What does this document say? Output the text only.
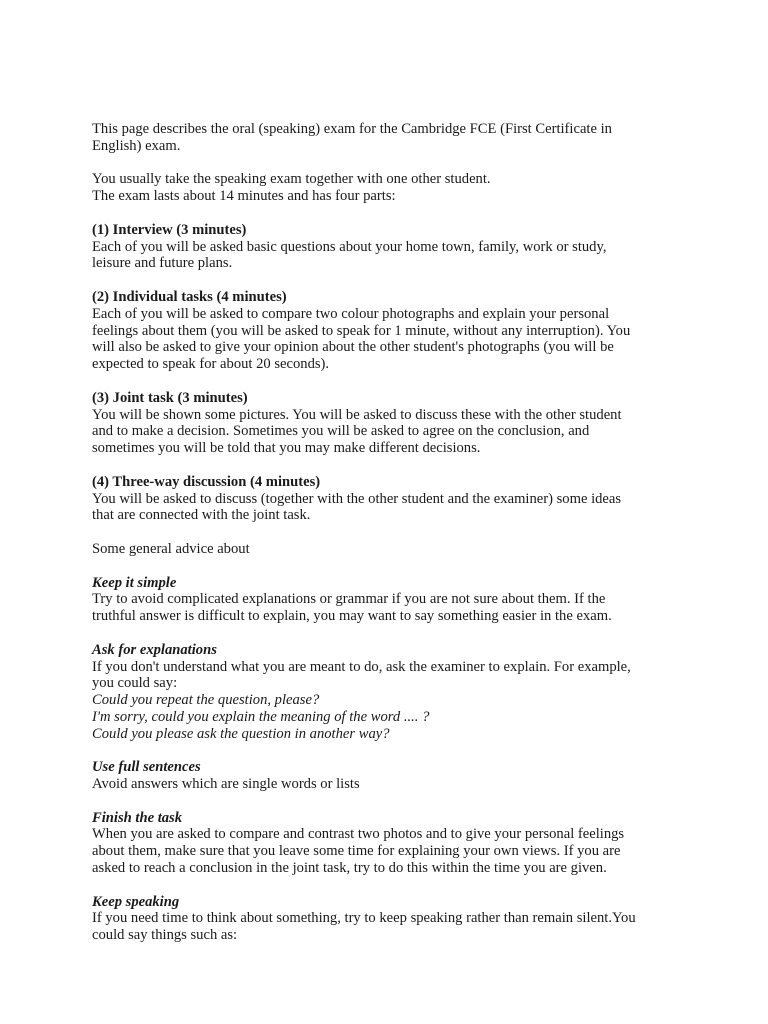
This page describes the oral (speaking) exam for the Cambridge FCE (First Certificate in
English) exam.

You usually take the speaking exam together with one other student.
The exam lasts about 14 minutes and has four parts:

(1) Interview (3 minutes)

Each of you will be asked basic questions about your home town, family, work or study,
leisure and future plans.

(2) Individual tasks (4 minutes)

Each of you will be asked to compare two colour photographs and explain your personal
feelings about them (you will be asked to speak for 1 minute, without any interruption). You
will also be asked to give your opinion about the other student's photographs (you will be
expected to speak for about 20 seconds).

(3) Joint task (3 minutes)

You will be shown some pictures. You will be asked to discuss these with the other student
and to make a decision. Sometimes you will be asked to agree on the conclusion, and
sometimes you will be told that you may make different decisions.

(4) Three-way discussion (4 minutes)

You will be asked to discuss (together with the other student and the examiner) some ideas
that are connected with the joint task.

Some general advice about

Keep it simple

Try to avoid complicated explanations or grammar if you are not sure about them. If the
truthful answer is difficult to explain, you may want to say something easier in the exam.

Ask for explanations

If you don't understand what you are meant to do, ask the examiner to explain. For example,
you could say:

Could you repeat the question, please?

I'm sorry, could you explain the meaning of the word .... ?

Could you please ask the question in another way?

Use full sentences

Avoid answers which are single words or lists

Finish the task

When you are asked to compare and contrast two photos and to give your personal feelings
about them, make sure that you leave some time for explaining your own views. If you are
asked to reach a conclusion in the joint task, try to do this within the time you are given.

Keep speaking

If you need time to think about something, try to keep speaking rather than remain silent.You
could say things such as:
